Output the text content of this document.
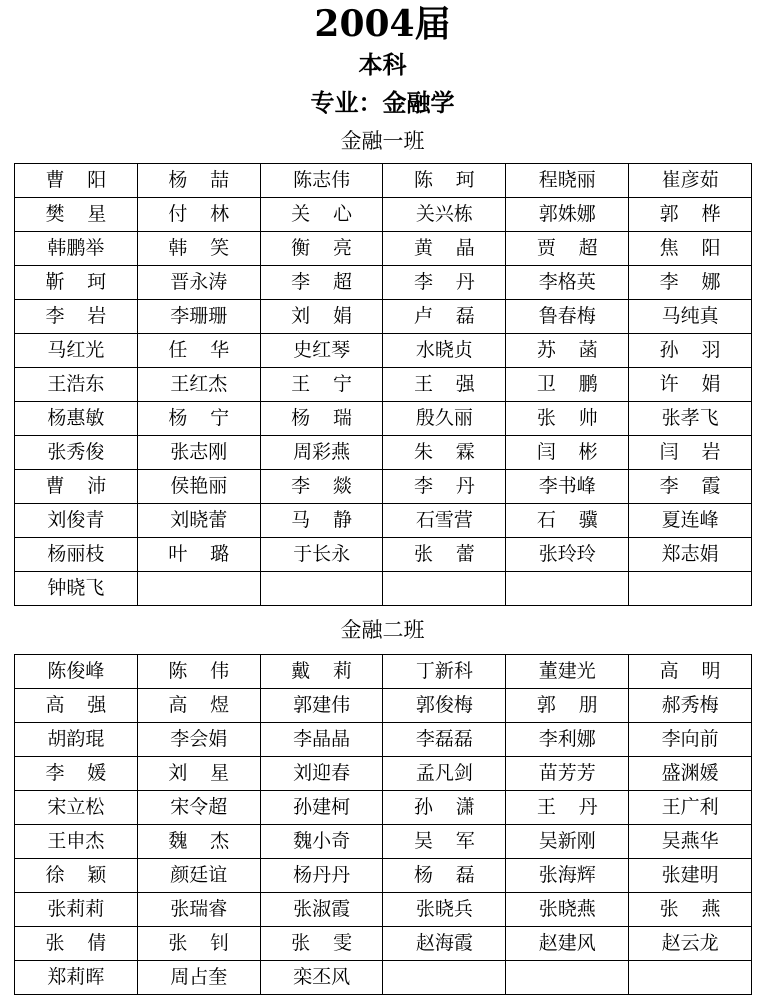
2004届
本科
专业：金融学
金融一班
曹阳	杨喆	陈志伟	陈珂	程晓丽	崔彦茹
樊星	付林	关心	关兴栋	郭姝娜	郭桦
韩鹏举	韩笑	衡亮	黄晶	贾超	焦阳
靳珂	晋永涛	李超	李丹	李格英	李娜
李岩	李珊珊	刘娟	卢磊	鲁春梅	马纯真
马红光	任华	史红琴	水晓贞	苏菡	孙羽
王浩东	王红杰	王宁	王强	卫鹏	许娟
杨惠敏	杨宁	杨瑞	殷久丽	张帅	张孝飞
张秀俊	张志刚	周彩燕	朱霖	闫彬	闫岩
曹沛	侯艳丽	李燚	李丹	李书峰	李霞
刘俊青	刘晓蕾	马静	石雪营	石骥	夏连峰
杨丽枝	叶璐	于长永	张蕾	张玲玲	郑志娟
钟晓飞					
金融二班
陈俊峰	陈伟	戴莉	丁新科	董建光	高明
高强	高煜	郭建伟	郭俊梅	郭朋	郝秀梅
胡韵琨	李会娟	李晶晶	李磊磊	李利娜	李向前
李媛	刘星	刘迎春	孟凡剑	苗芳芳	盛渊媛
宋立松	宋令超	孙建柯	孙潇	王丹	王广利
王申杰	魏杰	魏小奇	吴军	吴新刚	吴燕华
徐颖	颜廷谊	杨丹丹	杨磊	张海辉	张建明
张莉莉	张瑞睿	张淑霞	张晓兵	张晓燕	张燕
张倩	张钊	张雯	赵海霞	赵建风	赵云龙
郑莉晖	周占奎	栾丕风			
